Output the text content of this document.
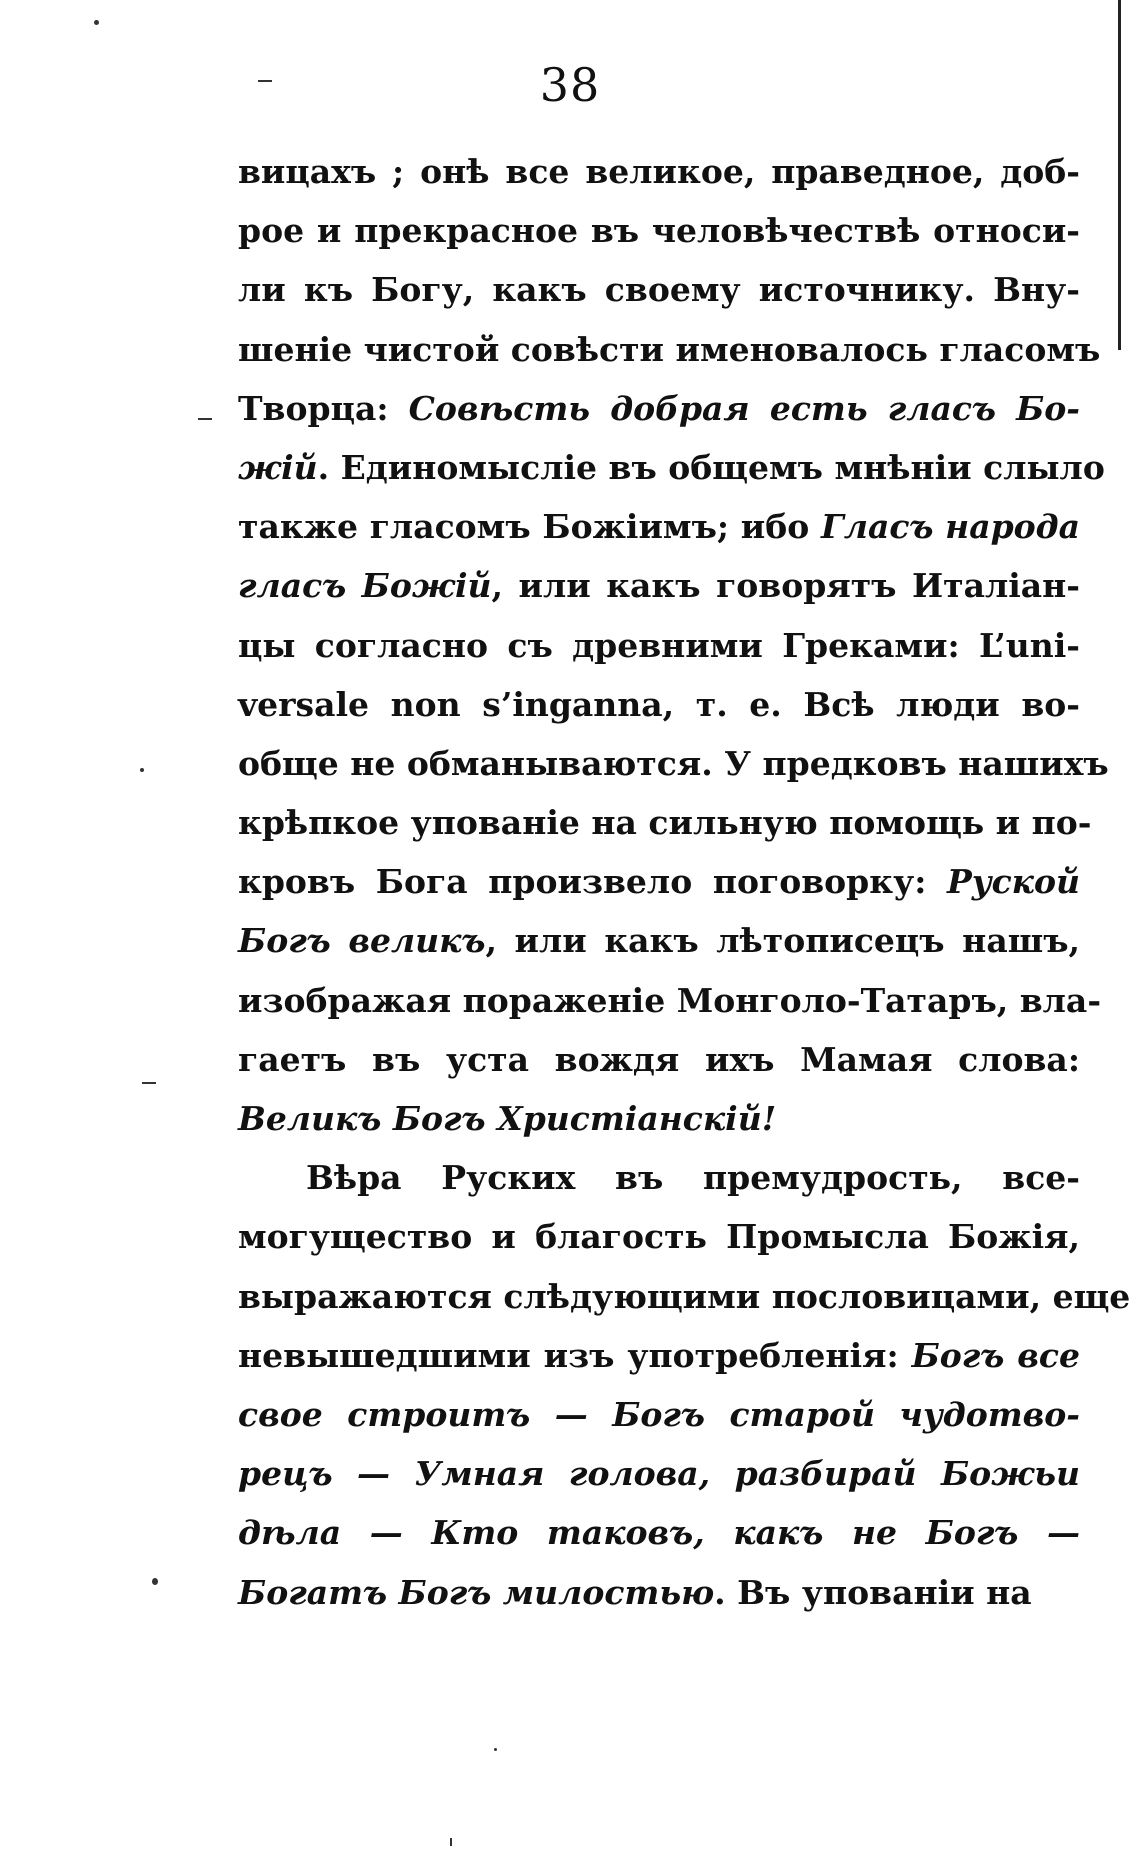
38
вицахъ ; онѣ все великое, праведное, доб-
рое и прекрасное въ человѣчествѣ относи-
ли къ Богу, какъ своему источнику. Вну-
шеніе чистой совѣсти именовалось гласомъ
Творца: Совѣсть добрая есть гласъ Бо-
жій. Единомысліе въ общемъ мнѣніи слыло
также гласомъ Божіимъ; ибо Гласъ народа
гласъ Божій, или какъ говорятъ Италіан-
цы согласно съ древними Греками: L’uni-
versale non s’inganna, т. е. Всѣ люди во-
обще не обманываются. У предковъ нашихъ
крѣпкое упованіе на сильную помощь и по-
кровъ Бога произвело поговорку: Руской
Богъ великъ, или какъ лѣтописецъ нашъ,
изображая пораженіе Монголо-Татаръ, вла-
гаетъ въ уста вождя ихъ Мамая слова:
Великъ Богъ Христіанскій!
Вѣра Руских въ премудрость, все-
могущество и благость Промысла Божія,
выражаются слѣдующими пословицами, еще
невышедшими изъ употребленія: Богъ все
свое строитъ — Богъ старой чудотво-
рецъ — Умная голова, разбирай Божьи
дѣла — Кто таковъ, какъ не Богъ —
Богатъ Богъ милостью. Въ упованіи на
